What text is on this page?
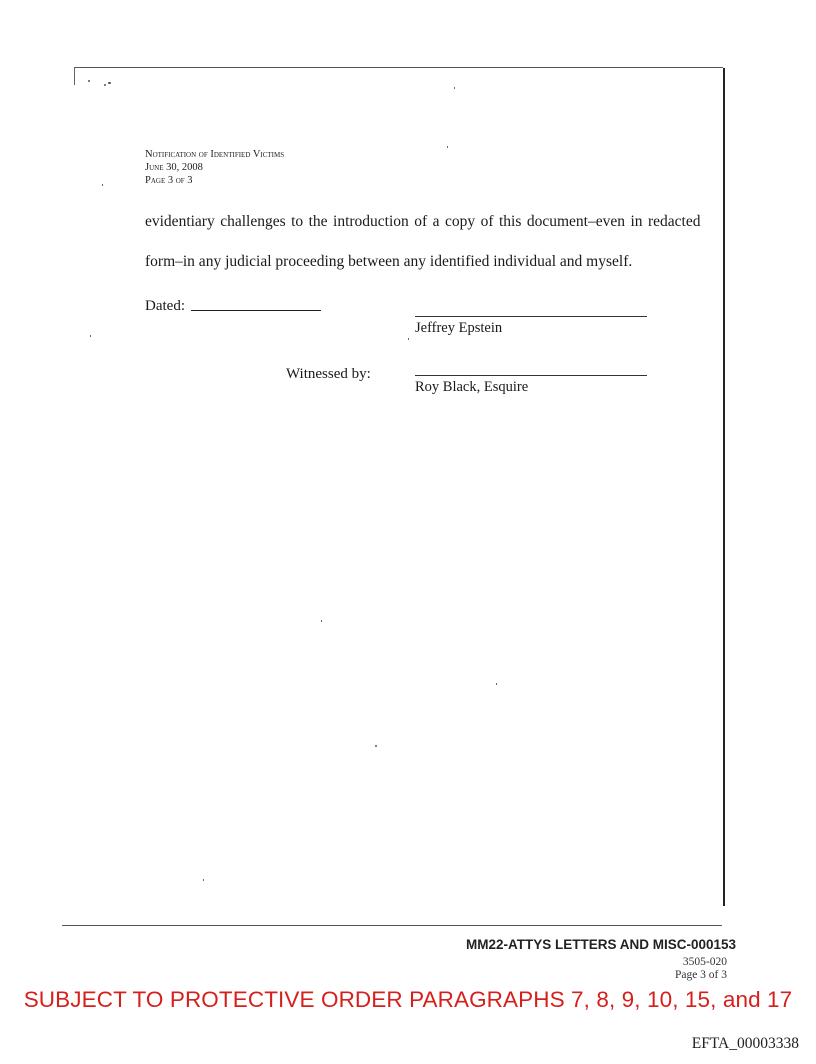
Notification of Identified Victims
June 30, 2008
Page 3 of 3
evidentiary challenges to the introduction of a copy of this document–even in redacted
form–in any judicial proceeding between any identified individual and myself.
Dated:
Jeffrey Epstein
Witnessed by:
Roy Black, Esquire
MM22-ATTYS LETTERS AND MISC-000153
3505-020
Page 3 of 3
SUBJECT TO PROTECTIVE ORDER PARAGRAPHS 7, 8, 9, 10, 15, and 17
EFTA_00003338
